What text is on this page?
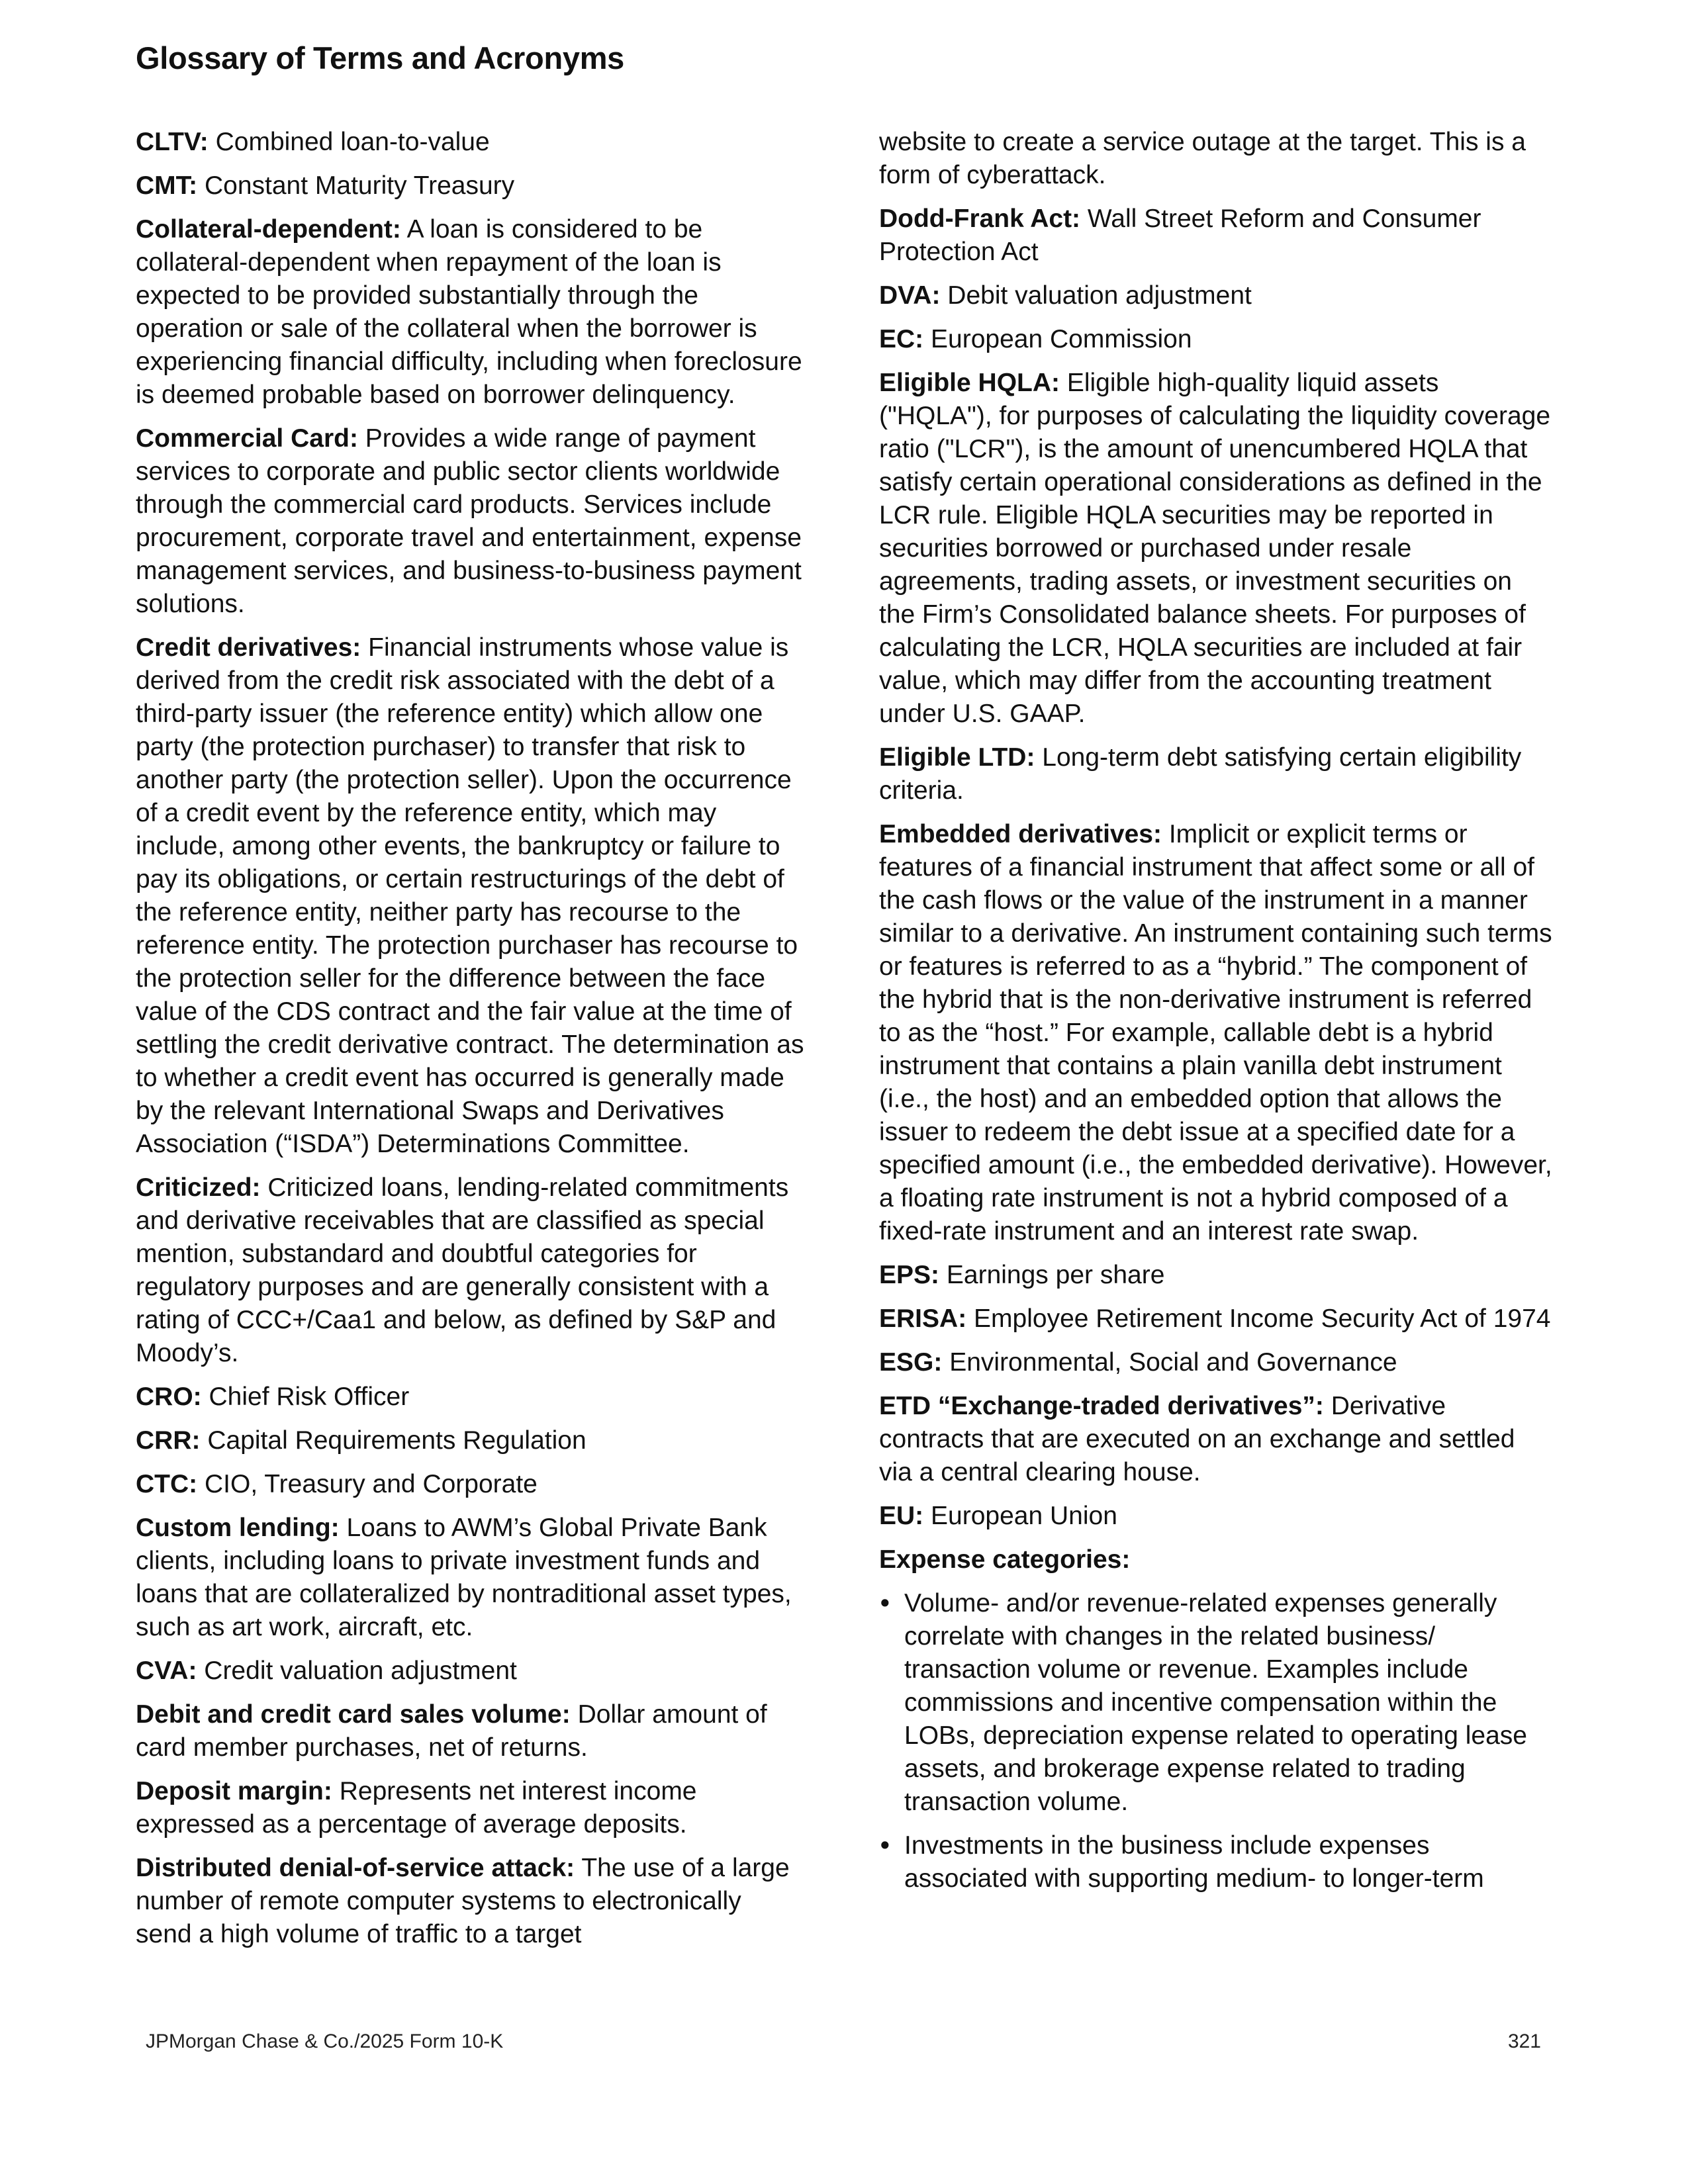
Glossary of Terms and Acronyms

CLTV: Combined loan-to-value

CMT: Constant Maturity Treasury

Collateral-dependent: A loan is considered to be collateral-dependent when repayment of the loan is expected to be provided substantially through the operation or sale of the collateral when the borrower is experiencing financial difficulty, including when foreclosure is deemed probable based on borrower delinquency.

Commercial Card: Provides a wide range of payment services to corporate and public sector clients worldwide through the commercial card products. Services include procurement, corporate travel and entertainment, expense management services, and business-to-business payment solutions.

Credit derivatives: Financial instruments whose value is derived from the credit risk associated with the debt of a third-party issuer (the reference entity) which allow one party (the protection purchaser) to transfer that risk to another party (the protection seller). Upon the occurrence of a credit event by the reference entity, which may include, among other events, the bankruptcy or failure to pay its obligations, or certain restructurings of the debt of the reference entity, neither party has recourse to the reference entity. The protection purchaser has recourse to the protection seller for the difference between the face value of the CDS contract and the fair value at the time of settling the credit derivative contract. The determination as to whether a credit event has occurred is generally made by the relevant International Swaps and Derivatives Association (“ISDA”) Determinations Committee.

Criticized: Criticized loans, lending-related commitments and derivative receivables that are classified as special mention, substandard and doubtful categories for regulatory purposes and are generally consistent with a rating of CCC+/Caa1 and below, as defined by S&P and Moody’s.

CRO: Chief Risk Officer

CRR: Capital Requirements Regulation

CTC: CIO, Treasury and Corporate

Custom lending: Loans to AWM’s Global Private Bank clients, including loans to private investment funds and loans that are collateralized by nontraditional asset types, such as art work, aircraft, etc.

CVA: Credit valuation adjustment

Debit and credit card sales volume: Dollar amount of card member purchases, net of returns.

Deposit margin: Represents net interest income expressed as a percentage of average deposits.

Distributed denial-of-service attack: The use of a large number of remote computer systems to electronically send a high volume of traffic to a target

website to create a service outage at the target. This is a form of cyberattack.

Dodd-Frank Act: Wall Street Reform and Consumer Protection Act

DVA: Debit valuation adjustment

EC: European Commission

Eligible HQLA: Eligible high-quality liquid assets ("HQLA"), for purposes of calculating the liquidity coverage ratio ("LCR"), is the amount of unencumbered HQLA that satisfy certain operational considerations as defined in the LCR rule. Eligible HQLA securities may be reported in securities borrowed or purchased under resale agreements, trading assets, or investment securities on the Firm’s Consolidated balance sheets. For purposes of calculating the LCR, HQLA securities are included at fair value, which may differ from the accounting treatment under U.S. GAAP.

Eligible LTD: Long-term debt satisfying certain eligibility criteria.

Embedded derivatives: Implicit or explicit terms or features of a financial instrument that affect some or all of the cash flows or the value of the instrument in a manner similar to a derivative. An instrument containing such terms or features is referred to as a “hybrid.” The component of the hybrid that is the non-derivative instrument is referred to as the “host.” For example, callable debt is a hybrid instrument that contains a plain vanilla debt instrument (i.e., the host) and an embedded option that allows the issuer to redeem the debt issue at a specified date for a specified amount (i.e., the embedded derivative). However, a floating rate instrument is not a hybrid composed of a fixed-rate instrument and an interest rate swap.

EPS: Earnings per share

ERISA: Employee Retirement Income Security Act of 1974

ESG: Environmental, Social and Governance

ETD “Exchange-traded derivatives”: Derivative contracts that are executed on an exchange and settled via a central clearing house.

EU: European Union

Expense categories:

• Volume- and/or revenue-related expenses generally correlate with changes in the related business/ transaction volume or revenue. Examples include commissions and incentive compensation within the LOBs, depreciation expense related to operating lease assets, and brokerage expense related to trading transaction volume.
• Investments in the business include expenses associated with supporting medium- to longer-term
JPMorgan Chase & Co./2025 Form 10-K	321
